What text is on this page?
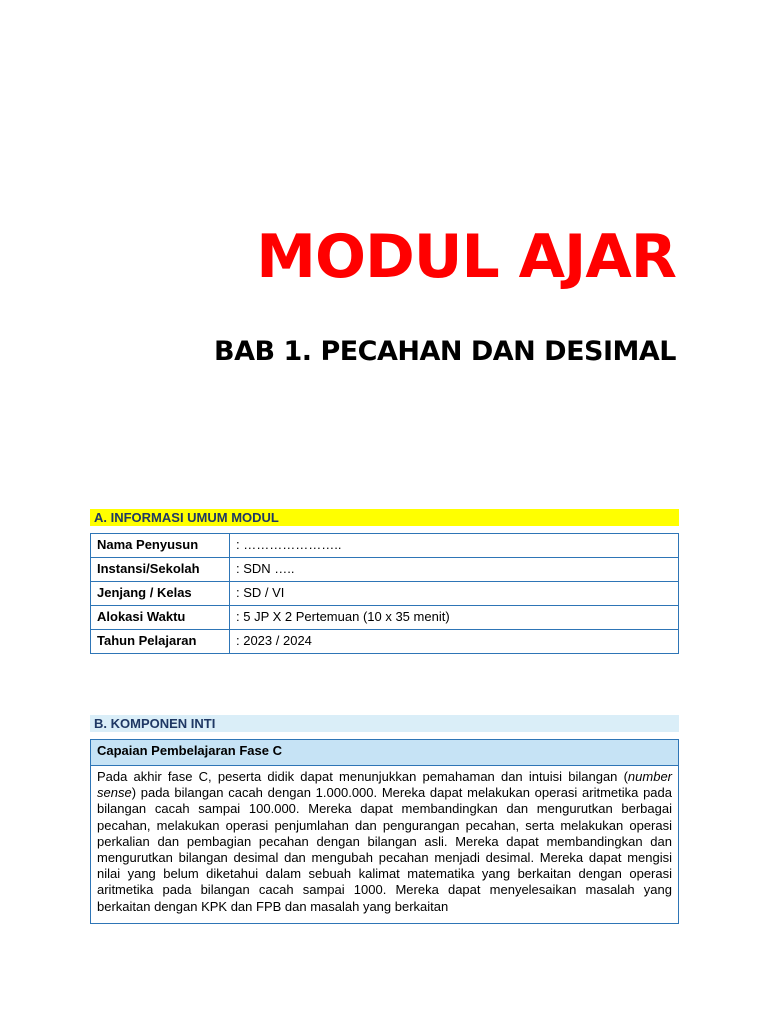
MODUL AJAR
BAB 1. PECAHAN DAN DESIMAL
A. INFORMASI UMUM MODUL
Nama Penyusun	: …………………..
Instansi/Sekolah	: SDN …..
Jenjang / Kelas	: SD / VI
Alokasi Waktu	: 5 JP X 2 Pertemuan (10 x 35 menit)
Tahun Pelajaran	: 2023 / 2024
B. KOMPONEN INTI
Capaian Pembelajaran Fase C
Pada akhir fase C, peserta didik dapat menunjukkan pemahaman dan intuisi bilangan (number sense) pada bilangan cacah dengan 1.000.000. Mereka dapat melakukan operasi aritmetika pada bilangan cacah sampai 100.000. Mereka dapat membandingkan dan mengurutkan berbagai pecahan, melakukan operasi penjumlahan dan pengurangan pecahan, serta melakukan operasi perkalian dan pembagian pecahan dengan bilangan asli. Mereka dapat membandingkan dan mengurutkan bilangan desimal dan mengubah pecahan menjadi desimal. Mereka dapat mengisi nilai yang belum diketahui dalam sebuah kalimat matematika yang berkaitan dengan operasi aritmetika pada bilangan cacah sampai 1000. Mereka dapat menyelesaikan masalah yang berkaitan dengan KPK dan FPB dan masalah yang berkaitan
